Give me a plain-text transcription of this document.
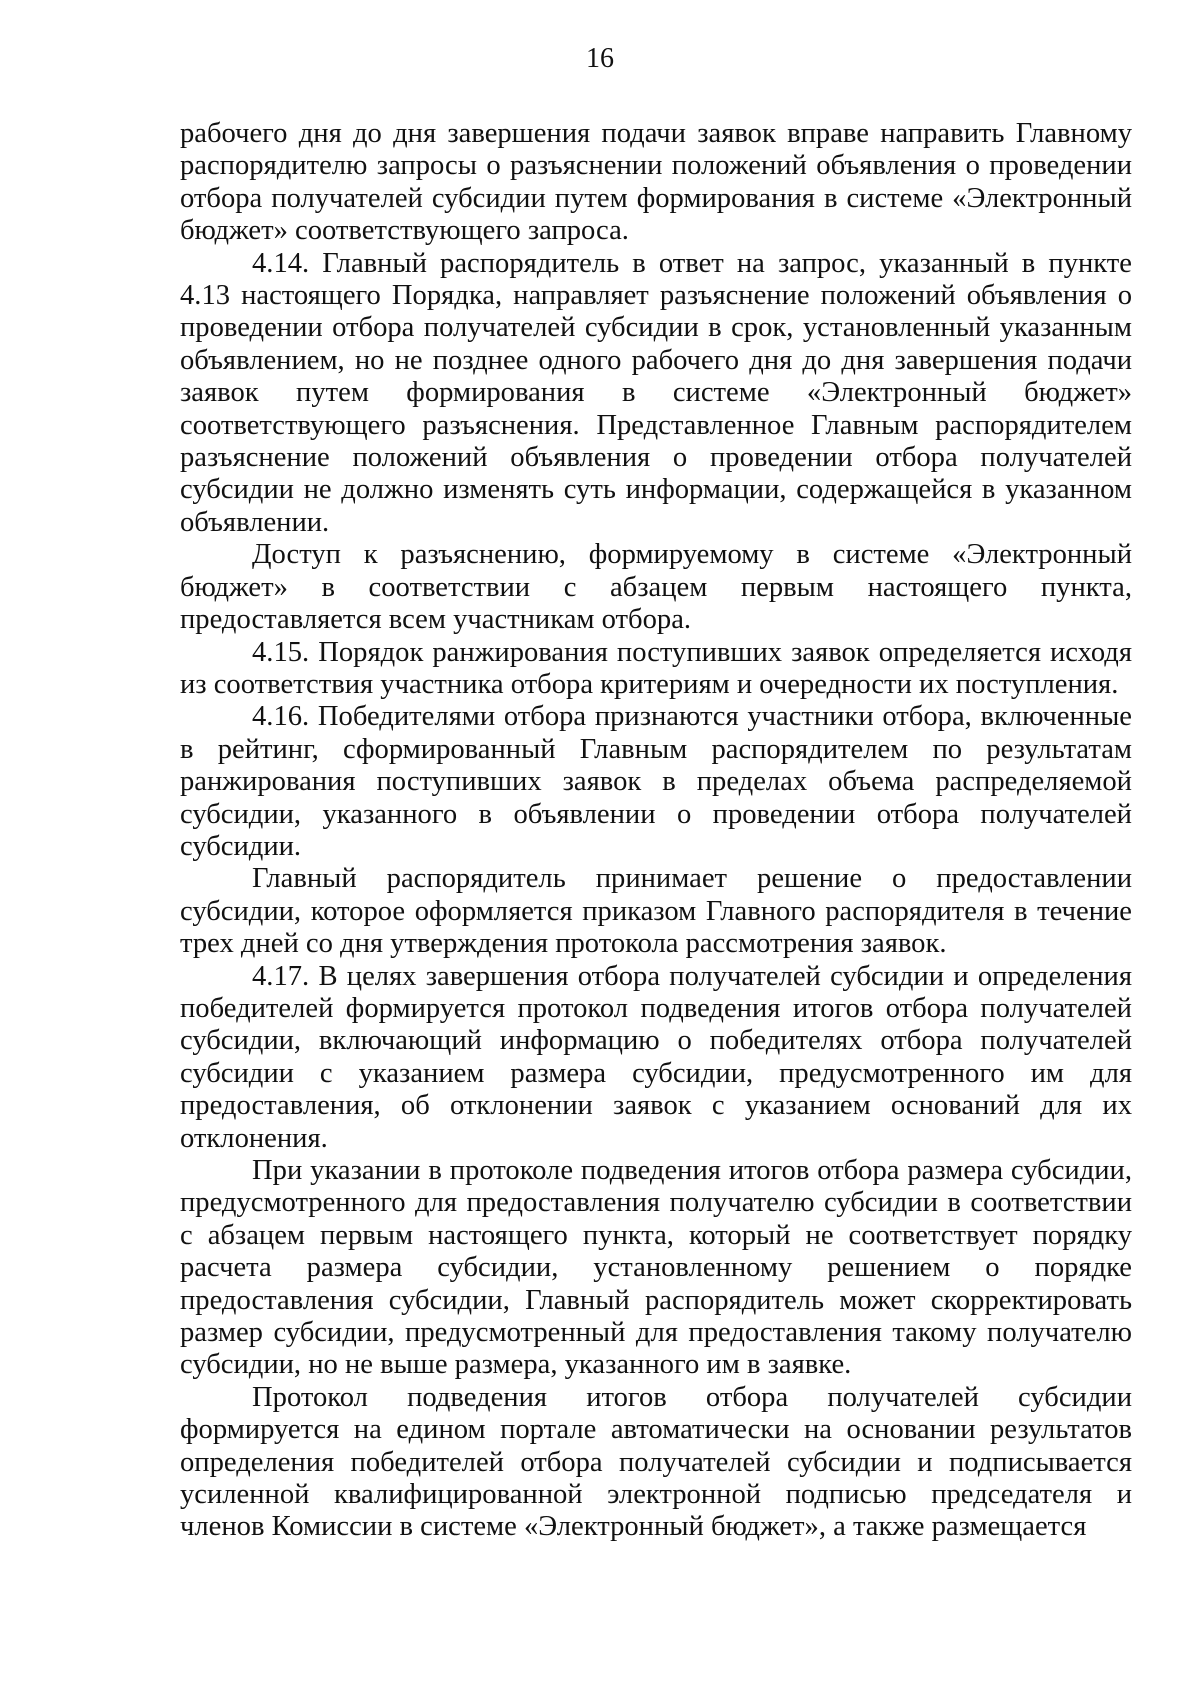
16

рабочего дня до дня завершения подачи заявок вправе направить Главному распорядителю запросы о разъяснении положений объявления о проведении отбора получателей субсидии путем формирования в системе «Электронный бюджет» соответствующего запроса.

4.14. Главный распорядитель в ответ на запрос, указанный в пункте 4.13 настоящего Порядка, направляет разъяснение положений объявления о проведении отбора получателей субсидии в срок, установленный указанным объявлением, но не позднее одного рабочего дня до дня завершения подачи заявок путем формирования в системе «Электронный бюджет» соответствующего разъяснения. Представленное Главным распорядителем разъяснение положений объявления о проведении отбора получателей субсидии не должно изменять суть информации, содержащейся в указанном объявлении.

Доступ к разъяснению, формируемому в системе «Электронный бюджет» в соответствии с абзацем первым настоящего пункта, предоставляется всем участникам отбора.

4.15. Порядок ранжирования поступивших заявок определяется исходя из соответствия участника отбора критериям и очередности их поступления.

4.16. Победителями отбора признаются участники отбора, включенные в рейтинг, сформированный Главным распорядителем по результатам ранжирования поступивших заявок в пределах объема распределяемой субсидии, указанного в объявлении о проведении отбора получателей субсидии.

Главный распорядитель принимает решение о предоставлении субсидии, которое оформляется приказом Главного распорядителя в течение трех дней со дня утверждения протокола рассмотрения заявок.

4.17. В целях завершения отбора получателей субсидии и определения победителей формируется протокол подведения итогов отбора получателей субсидии, включающий информацию о победителях отбора получателей субсидии с указанием размера субсидии, предусмотренного им для предоставления, об отклонении заявок с указанием оснований для их отклонения.

При указании в протоколе подведения итогов отбора размера субсидии, предусмотренного для предоставления получателю субсидии в соответствии с абзацем первым настоящего пункта, который не соответствует порядку расчета размера субсидии, установленному решением о порядке предоставления субсидии, Главный распорядитель может скорректировать размер субсидии, предусмотренный для предоставления такому получателю субсидии, но не выше размера, указанного им в заявке.

Протокол подведения итогов отбора получателей субсидии формируется на едином портале автоматически на основании результатов определения победителей отбора получателей субсидии и подписывается усиленной квалифицированной электронной подписью председателя и членов Комиссии в системе «Электронный бюджет», а также размещается
